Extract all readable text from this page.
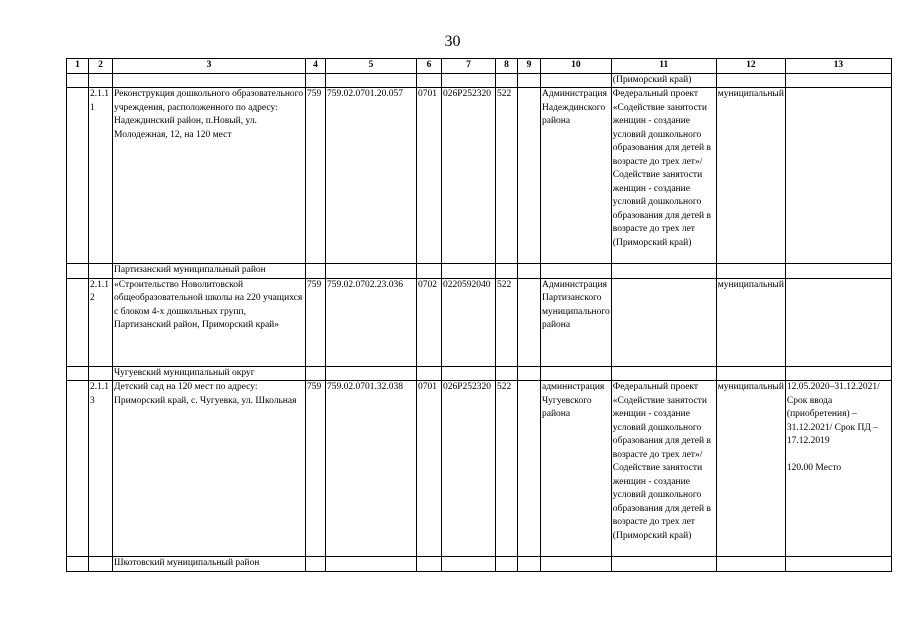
30
1	2	3	4	5	6	7	8	9	10	11	12	13
										(Приморский край)		
	2.1.1 1	Реконструкция дошкольного образовательного учреждения, расположенного по адресу: Надеждинский район, п.Новый, ул. Молодежная, 12, на 120 мест	759	759.02.0701.20.057	0701	026P252320	522		Администрация Надеждинского района	Федеральный проект «Содействие занятости женщин - создание условий дошкольного образования для детей в возрасте до трех лет»/Содействие занятости женщин - создание условий дошкольного образования для детей в возрасте до трех лет (Приморский край)	муниципальный	

		Партизанский муниципальный район										
	2.1.1 2	«Строительство Новолитовской общеобразовательной школы на 220 учащихся с блоком 4-х дошкольных групп, Партизанский район, Приморский край»	759	759.02.0702.23.036	0702	0220592040	522		Администрация Партизанского муниципального района		муниципальный	

		Чугуевский муниципальный округ										
	2.1.1 3	Детский сад на 120 мест по адресу: Приморский край, с. Чугуевка, ул. Школьная	759	759.02.0701.32.038	0701	026P252320	522		администрация Чугуевского района	Федеральный проект «Содействие занятости женщин - создание условий дошкольного образования для детей в возрасте до трех лет»/Содействие занятости женщин - создание условий дошкольного образования для детей в возрасте до трех лет (Приморский край)	муниципальный	12.05.2020–31.12.2021/ Срок ввода (приобретения) – 31.12.2021/ Срок ПД – 17.12.2019
120.00 Место

		Шкотовский муниципальный район										
